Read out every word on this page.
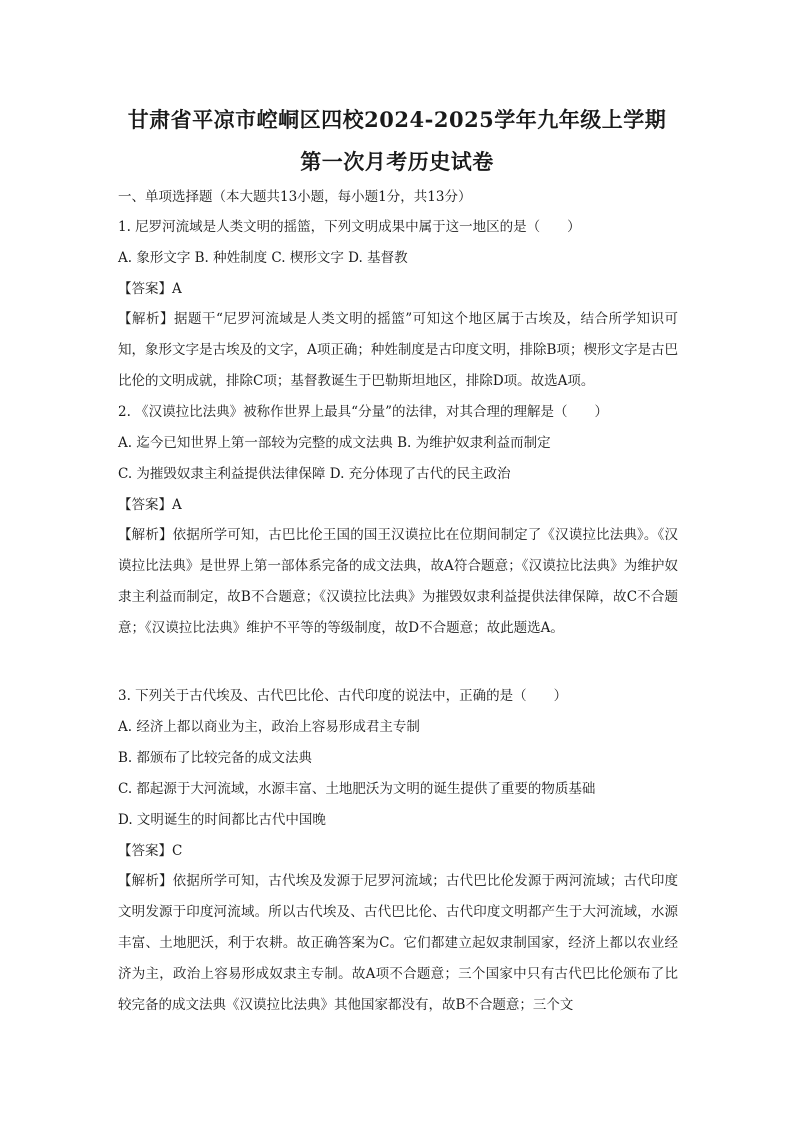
甘肃省平凉市崆峒区四校2024-2025学年九年级上学期
第一次月考历史试卷
一、单项选择题（本大题共13小题，每小题1分，共13分）
1. 尼罗河流域是人类文明的摇篮，下列文明成果中属于这一地区的是（　　）
A. 象形文字 B. 种姓制度 C. 楔形文字 D. 基督教
【答案】A
【解析】据题干“尼罗河流域是人类文明的摇篮”可知这个地区属于古埃及，结合所学知识可知，象形文字是古埃及的文字，A项正确；种姓制度是古印度文明，排除B项；楔形文字是古巴比伦的文明成就，排除C项；基督教诞生于巴勒斯坦地区，排除D项。故选A项。
2. 《汉谟拉比法典》被称作世界上最具“分量”的法律，对其合理的理解是（　　）
A. 迄今已知世界上第一部较为完整的成文法典 B. 为维护奴隶利益而制定
C. 为摧毁奴隶主利益提供法律保障 D. 充分体现了古代的民主政治
【答案】A
【解析】依据所学可知，古巴比伦王国的国王汉谟拉比在位期间制定了《汉谟拉比法典》。《汉谟拉比法典》是世界上第一部体系完备的成文法典，故A符合题意；《汉谟拉比法典》为维护奴隶主利益而制定，故B不合题意；《汉谟拉比法典》为摧毁奴隶利益提供法律保障，故C不合题意；《汉谟拉比法典》维护不平等的等级制度，故D不合题意；故此题选A。
3. 下列关于古代埃及、古代巴比伦、古代印度的说法中，正确的是（　　）
A. 经济上都以商业为主，政治上容易形成君主专制
B. 都颁布了比较完备的成文法典
C. 都起源于大河流域，水源丰富、土地肥沃为文明的诞生提供了重要的物质基础
D. 文明诞生的时间都比古代中国晚
【答案】C
【解析】依据所学可知，古代埃及发源于尼罗河流域；古代巴比伦发源于两河流域；古代印度文明发源于印度河流域。所以古代埃及、古代巴比伦、古代印度文明都产生于大河流域，水源丰富、土地肥沃，利于农耕。故正确答案为C。它们都建立起奴隶制国家，经济上都以农业经济为主，政治上容易形成奴隶主专制。故A项不合题意；三个国家中只有古代巴比伦颁布了比较完备的成文法典《汉谟拉比法典》其他国家都没有，故B不合题意；三个文
